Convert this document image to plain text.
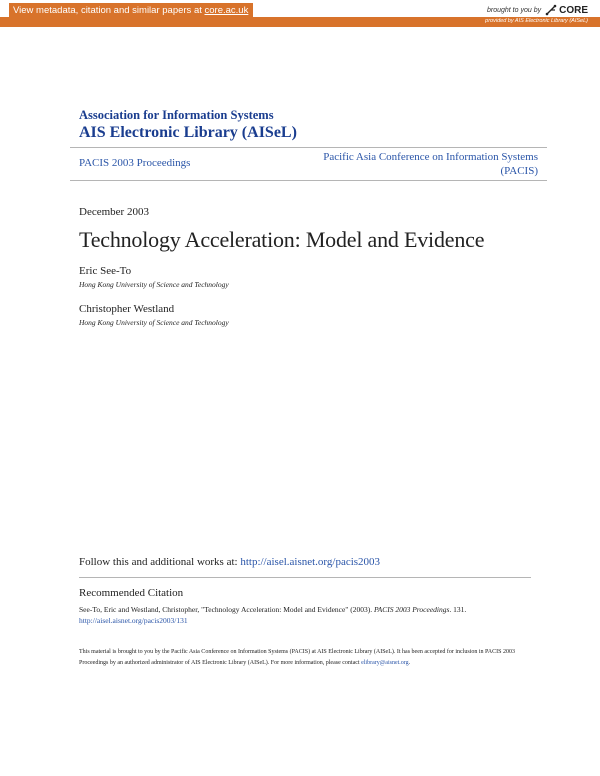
View metadata, citation and similar papers at core.ac.uk	brought to you by CORE
provided by AIS Electronic Library (AISeL)
Association for Information Systems
AIS Electronic Library (AISeL)
PACIS 2003 Proceedings	Pacific Asia Conference on Information Systems
(PACIS)
December 2003
Technology Acceleration: Model and Evidence
Eric See-To
Hong Kong University of Science and Technology
Christopher Westland
Hong Kong University of Science and Technology
Follow this and additional works at: http://aisel.aisnet.org/pacis2003
Recommended Citation
See-To, Eric and Westland, Christopher, "Technology Acceleration: Model and Evidence" (2003). PACIS 2003 Proceedings. 131.
http://aisel.aisnet.org/pacis2003/131
This material is brought to you by the Pacific Asia Conference on Information Systems (PACIS) at AIS Electronic Library (AISeL). It has been accepted for inclusion in PACIS 2003 Proceedings by an authorized administrator of AIS Electronic Library (AISeL). For more information, please contact elibrary@aisnet.org.
